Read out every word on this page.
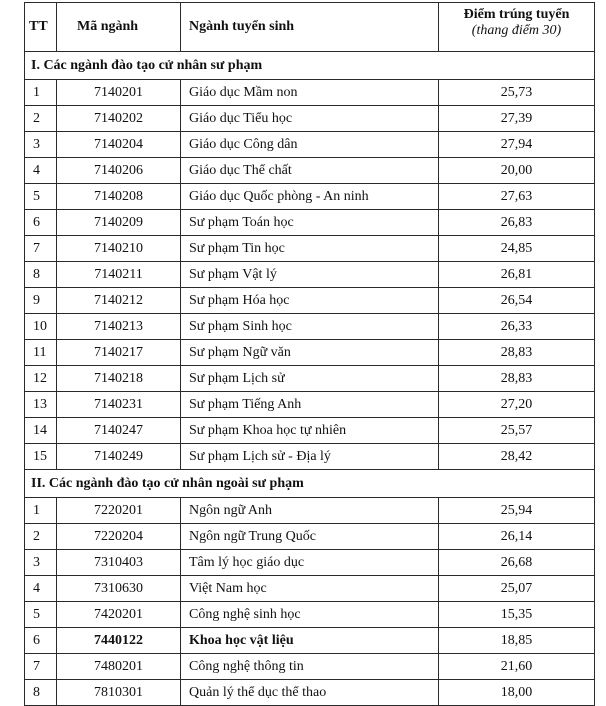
TT	Mã ngành	Ngành tuyển sinh	Điểm trúng tuyển
(thang điểm 30)

I. Các ngành đào tạo cử nhân sư phạm			
1	7140201	Giáo dục Mầm non	25,73
2	7140202	Giáo dục Tiểu học	27,39
3	7140204	Giáo dục Công dân	27,94
4	7140206	Giáo dục Thể chất	20,00
5	7140208	Giáo dục Quốc phòng - An ninh	27,63
6	7140209	Sư phạm Toán học	26,83
7	7140210	Sư phạm Tin học	24,85
8	7140211	Sư phạm Vật lý	26,81
9	7140212	Sư phạm Hóa học	26,54
10	7140213	Sư phạm Sinh học	26,33
11	7140217	Sư phạm Ngữ văn	28,83
12	7140218	Sư phạm Lịch sử	28,83
13	7140231	Sư phạm Tiếng Anh	27,20
14	7140247	Sư phạm Khoa học tự nhiên	25,57
15	7140249	Sư phạm Lịch sử - Địa lý	28,42
II. Các ngành đào tạo cử nhân ngoài sư phạm			
1	7220201	Ngôn ngữ Anh	25,94
2	7220204	Ngôn ngữ Trung Quốc	26,14
3	7310403	Tâm lý học giáo dục	26,68
4	7310630	Việt Nam học	25,07
5	7420201	Công nghệ sinh học	15,35
6	7440122	Khoa học vật liệu	18,85
7	7480201	Công nghệ thông tin	21,60
8	7810301	Quản lý thể dục thể thao	18,00
